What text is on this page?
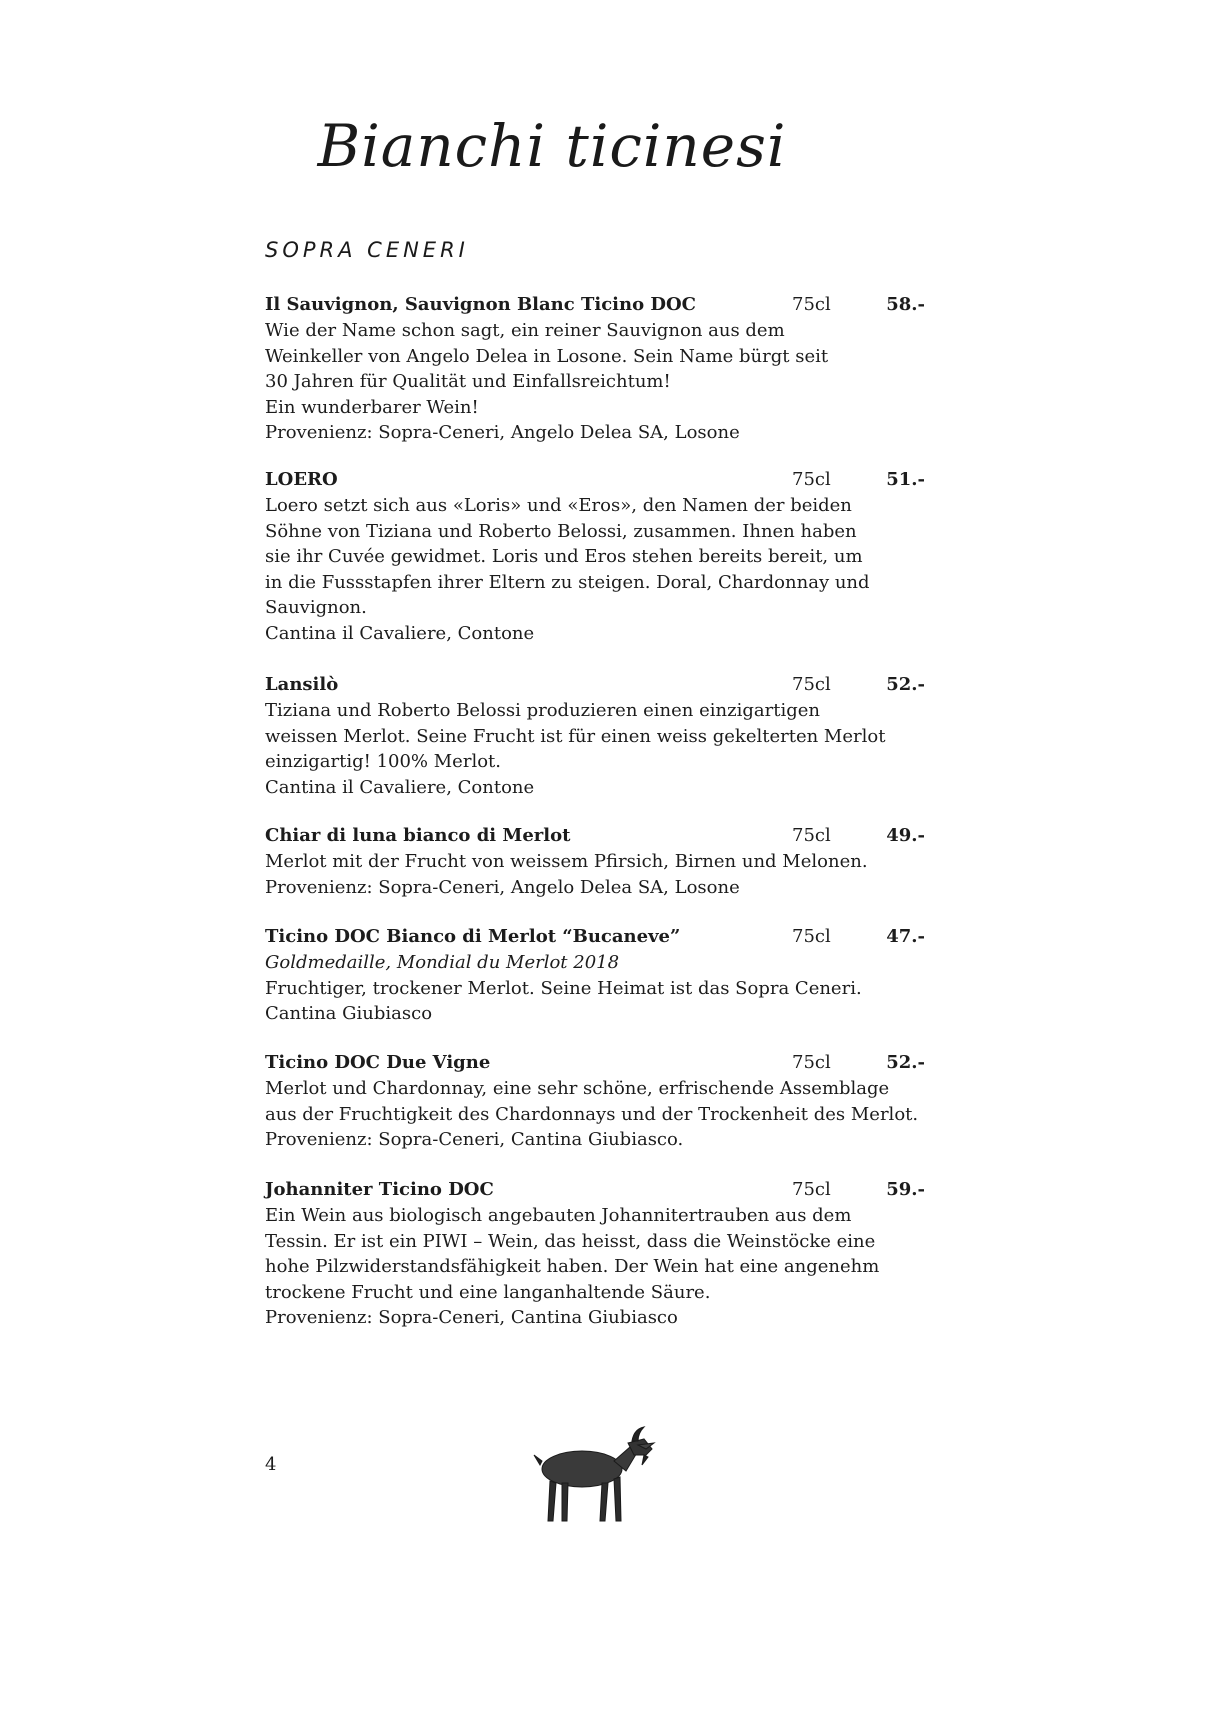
Bianchi ticinesi
SOPRA CENERI
Il Sauvignon, Sauvignon Blanc Ticino DOC	75cl	58.-
Wie der Name schon sagt, ein reiner Sauvignon aus dem
Weinkeller von Angelo Delea in Losone. Sein Name bürgt seit
30 Jahren für Qualität und Einfallsreichtum!
Ein wunderbarer Wein!
Provenienz: Sopra-Ceneri, Angelo Delea SA, Losone
LOERO	75cl	51.-
Loero setzt sich aus «Loris» und «Eros», den Namen der beiden
Söhne von Tiziana und Roberto Belossi, zusammen. Ihnen haben
sie ihr Cuvée gewidmet. Loris und Eros stehen bereits bereit, um
in die Fussstapfen ihrer Eltern zu steigen. Doral, Chardonnay und
Sauvignon.
Cantina il Cavaliere, Contone
Lansilò	75cl	52.-
Tiziana und Roberto Belossi produzieren einen einzigartigen
weissen Merlot. Seine Frucht ist für einen weiss gekelterten Merlot
einzigartig! 100% Merlot.
Cantina il Cavaliere, Contone
Chiar di luna bianco di Merlot	75cl	49.-
Merlot mit der Frucht von weissem Pfirsich, Birnen und Melonen.
Provenienz: Sopra-Ceneri, Angelo Delea SA, Losone
Ticino DOC Bianco di Merlot “Bucaneve”	75cl	47.-
Goldmedaille, Mondial du Merlot 2018
Fruchtiger, trockener Merlot. Seine Heimat ist das Sopra Ceneri.
Cantina Giubiasco
Ticino DOC Due Vigne	75cl	52.-
Merlot und Chardonnay, eine sehr schöne, erfrischende Assemblage
aus der Fruchtigkeit des Chardonnays und der Trockenheit des Merlot.
Provenienz: Sopra-Ceneri, Cantina Giubiasco.
Johanniter Ticino DOC	75cl	59.-
Ein Wein aus biologisch angebauten Johannitertrauben aus dem
Tessin. Er ist ein PIWI – Wein, das heisst, dass die Weinstöcke eine
hohe Pilzwiderstandsfähigkeit haben. Der Wein hat eine angenehm
trockene Frucht und eine langanhaltende Säure.
Provenienz: Sopra-Ceneri, Cantina Giubiasco
4
